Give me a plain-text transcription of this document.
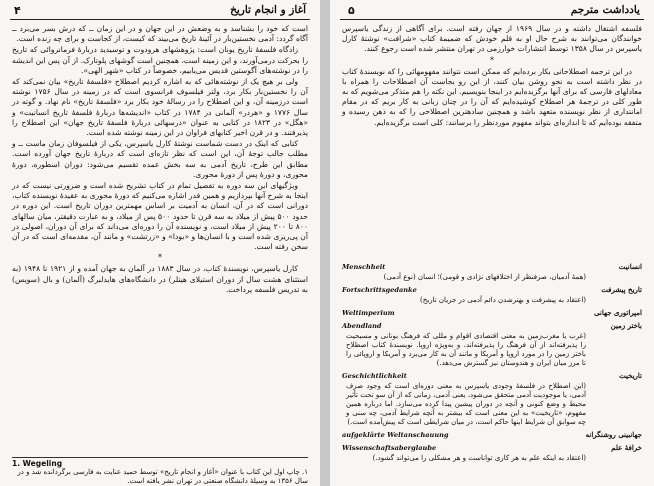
آغاز و انجام تاریخ
۴

است که خود را بشناسد و به وضعش در این جهان و در این زمان ــ که درش بسر می‌برد ــ آگاه گردد: آدمی نخستین‌بار در آئینهٔ تاریخ می‌بیند که کیست، از کجاست و برای چه زنده است.

زادگاه فلسفهٔ تاریخ یونان است: پژوهشهای هرودوت و توسیدید دربارهٔ فرمانروائی که تاریخ را بحرکت درمی‌آورند، و این زمینه است، همچنین است گوشهای پلوتارک. از آن پس این اندیشه را در نوشته‌های آگوستین قدیس می‌یابیم، خصوصاً در کتاب «شهر الهی».

ولی بر هیچ یک از نوشته‌هائی که به اشاره کردیم اصطلاح «فلسفهٔ تاریخ» بیان نمی‌کند که آن را نخستین‌بار بکار برد، ولتر فیلسوف فرانسوی است که در زمینه در سال ۱۷۵۶ نوشته است درزمینه آن، و این اصطلاح را در رسالهٔ خود بکار برد «فلسفهٔ تاریخ» نام نهاد. و گوته در سال ۱۷۷۶ و «هردر» آلمانی در ۱۷۸۴ در کتاب «اندیشه‌ها دربارهٔ فلسفهٔ تاریخ انسانیت» و «هگل» در ۱۸۲۳ در کتابی به عنوان «درسهائی دربارهٔ فلسفهٔ تاریخ جهان» این اصطلاح را پذیرفتند. و در قرن اخیر کتابهای فراوان در این زمینه نوشته شده است.

کتابی که اینک در دست شماست نوشتهٔ کارل یاسپرس، یکی از فیلسوفان زمان ماست ــ و مطلب جالب توجهٔ آن، این است که نظر تازه‌ای است که دربارهٔ تاریخ جهان آورده است. مطابق این طرح، تاریخ آدمی به سه بخش عمده تقسیم می‌شود: دوران اسطوره، دورهٔ محوری، و دورهٔ پس از دورهٔ محوری.

ویژگیهای این سه دوره به تفصیل تمام در کتاب تشریح شده است و ضرورتی نیست که در اینجا به شرح آنها بپردازیم و همین قدر اشاره می‌کنیم که دورهٔ محوری به عقیدهٔ نویسنده کتاب، دورانی است که در آن، انسان به آدمیت بر اساس مهمترین دوران تاریخ است. این دوره در حدود ۵۰۰ پیش از میلاد به سه قرن تا حدود ۵۰۰ پس از میلاد، و به عبارت دقیقتر، میان سالهای ۸۰۰ تا ۲۰۰ پیش از میلاد است، و نویسنده آن را دوره‌ای می‌داند که برای آن دوران، اصولی در آن پی‌ریزی شده است و با انسان‌ها و «بودا» و «زرتشت» و مانند آن، مقدمه‌ای است که در آن سخن رفته است.

*

کارل یاسپرس، نویسندهٔ کتاب، در سال ۱۸۸۳ در آلمان به جهان آمده و از ۱۹۲۱ تا ۱۹۴۸ (به استثنای هشت سال از دوران استیلای هیتلر) در دانشگاه‌های هایدلبرگ (آلمان) و بال (سویس) به تدریس فلسفه پرداخت.

1. Wegeling
۱. چاپ اول این کتاب با عنوان «آغاز و انجام تاریخ» توسط حمید عنایت به فارسی برگردانده شد و در سال ۱۳۵۶ به وسیلهٔ دانشگاه صنعتی در تهران نشر یافته است.
یادداشت مترجم
۵

فلسفه اشتغال داشته و در سال ۱۹۶۹ از جهان رفته است. برای آگاهی از زندگی یاسپرس خوانندگان می‌توانند به شرح حال او به قلم خودش که ضمیمهٔ کتاب «شرافت» نوشتهٔ کارل یاسپرس در سال ۱۳۵۸ توسط انتشارات خوارزمی در تهران منتشر شده است رجوع کنند.

*

در این ترجمه اصطلاحاتی بکار برده‌ایم که ممکن است نتوانند مفهومهائی را که نویسندهٔ کتاب در نظر داشته است به نحو روشن بیان کنند، از این رو بجاست آن اصطلاحات را همراه با معادلهای فارسی که برای آنها برگزیده‌ایم در اینجا بنویسیم. این نکته را هم متذکر می‌شویم که به طور کلی در ترجمهٔ هر اصطلاح کوشیده‌ایم که آن را در چنان زبانی به کار بریم که در مقام امانتداری از نظر نویسنده متعهد باشد و همچنین سادهترین اصطلاحی را که به ذهن رسیده و متفقه بوده‌ایم که تا اندازه‌ای بتواند مفهوم موردنظر را برسانند: کلی است برگزیده‌ایم.

انسانیت
Menschheit
(همهٔ آدمیان، صرفنظر از اختلافهای نژادی و قومی)؛ انسان (نوع آدمی)
تاریخ پیشرفت
Fortschrittsgedanke
(اعتقاد به پیشرفت و بهترشدن دائم آدمی در جریان تاریخ)
امپراتوری جهانی
Weltimperium
باختر زمین
Abendland
(غرب یا مغرب‌زمین به معنی اقتصادی اقوام و مللی که فرهنگ بونانی و مسیحیت را پذیرفته‌اند از آن فرهنگ را پذیرفته‌اند، و به‌ویژه اروپا. نویسندهٔ کتاب اصطلاح باختر زمین را در مورد اروپا و آمریکا و مانند آن به کار می‌برد و آمریکا و اروپائی را تا مرز میان ایران و هندوستان نیز گسترش می‌دهد.)
تاریخیت
Geschichtlichkeit
(این اصطلاح در فلسفهٔ وجودی یاسپرس به معنی دوره‌ای است که وجود صرف آدمی، یا موجودیت آدمی متحقق می‌شود، یعنی آدمی، زمانی که از آن سو تحت تأثیر محیط و وضع کنونی و آنچه در دوران پیشین پیدا کرده می‌سازد. اما درباره همین مفهوم، «تاریخیت» به این معنی است که بیشتر به آنچه شرایط آدمی، چه سنی و چه سوابق آن شرایط اینها حاکم است، در میان شرایطی است که پیش‌آمده است.)
جهانبینی روشنگرانه
aufgeklärte Weltanschauung
خرافهٔ علم
Wissenschaftsaberglaube
(اعتقاد به اینکه علم به هر کاری تواناست و هر مشکلی را می‌تواند گشود.)
